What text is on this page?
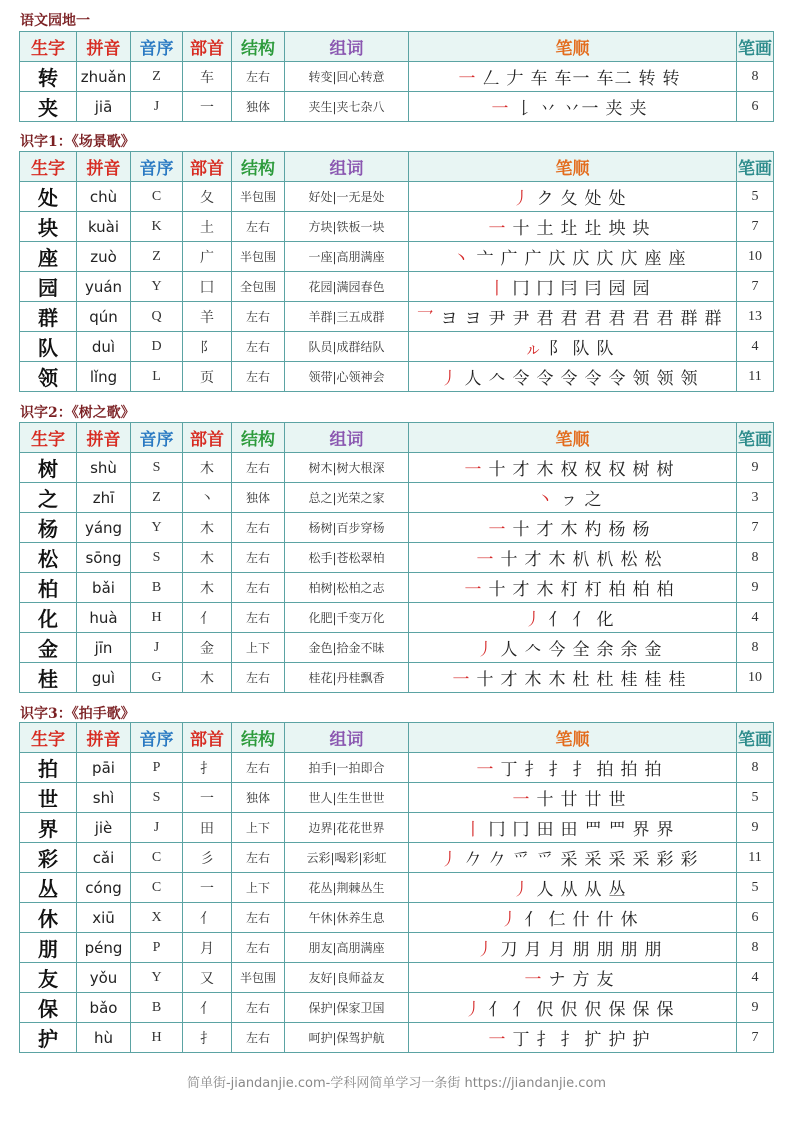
语文园地一
生字	拼音	音序	部首	结构	组词	笔顺	笔画
转	zhuǎn	Z	车	左右	转变|回心转意	一 𠃋 𠂇 车 车一 车二 转 转	8
夹	jiā	J	一	独体	夹生|夹七杂八	一 𠄌 丷 丷一 夹 夹	6
识字1：《场景歌》
生字	拼音	音序	部首	结构	组词	笔顺	笔画
处	chù	C	夂	半包围	好处|一无是处	丿 ク 夂 处 处	5
块	kuài	K	土	左右	方块|铁板一块	一 十 土 圵 圵 坱 块	7
座	zuò	Z	广	半包围	一座|高朋满座	丶 亠 广 广 庂 庂 庂 庂 座 座	10
园	yuán	Y	囗	全包围	花园|满园春色	丨 冂 冂 冃 冃 园 园	7
群	qún	Q	羊	左右	羊群|三五成群	乛 ヨ ヨ 尹 尹 君 君 君 君 君 君 群 群	13
队	duì	D	阝	左右	队员|成群结队	ㇽ 阝 队 队	4
领	lǐng	L	页	左右	领带|心领神会	丿 人 𠆢 令 令 令 令 令 领 领 领	11
识字2：《树之歌》
生字	拼音	音序	部首	结构	组词	笔顺	笔画
树	shù	S	木	左右	树木|树大根深	一 十 才 木 权 权 权 树 树	9
之	zhī	Z	丶	独体	总之|光荣之家	丶 ㇷ 之	3
杨	yáng	Y	木	左右	杨树|百步穿杨	一 十 才 木 杓 杨 杨	7
松	sōng	S	木	左右	松手|苍松翠柏	一 十 才 木 朳 朳 松 松	8
柏	bǎi	B	木	左右	柏树|松柏之志	一 十 才 木 朾 朾 柏 柏 柏	9
化	huà	H	亻	左右	化肥|千变万化	丿 亻 亻 化	4
金	jīn	J	金	上下	金色|拾金不昧	丿 人 𠆢 今 全 余 余 金	8
桂	guì	G	木	左右	桂花|丹桂飘香	一 十 才 木 木 杜 杜 桂 桂 桂	10
识字3：《拍手歌》
生字	拼音	音序	部首	结构	组词	笔顺	笔画
拍	pāi	P	扌	左右	拍手|一拍即合	一 丁 扌 扌 扌 拍 拍 拍	8
世	shì	S	一	独体	世人|生生世世	一 十 廿 廿 世	5
界	jiè	J	田	上下	边界|花花世界	丨 冂 冂 田 田 罒 罒 界 界	9
彩	cǎi	C	彡	左右	云彩|喝彩|彩虹	丿 𠂊 𠂊 爫 爫 采 采 采 采 彩 彩	11
丛	cóng	C	一	上下	花丛|荆棘丛生	丿 人 从 从 丛	5
休	xiū	X	亻	左右	午休|休养生息	丿 亻 仁 什 什 休	6
朋	péng	P	月	左右	朋友|高朋满座	丿 刀 月 月 朋 朋 朋 朋	8
友	yǒu	Y	又	半包围	友好|良师益友	一 ナ 方 友	4
保	bǎo	B	亻	左右	保护|保家卫国	丿 亻 亻 伬 伬 伬 保 保 保	9
护	hù	H	扌	左右	呵护|保驾护航	一 丁 扌 扌 扩 护 护	7
简单街-jiandanjie.com-学科网简单学习一条街 https://jiandanjie.com
